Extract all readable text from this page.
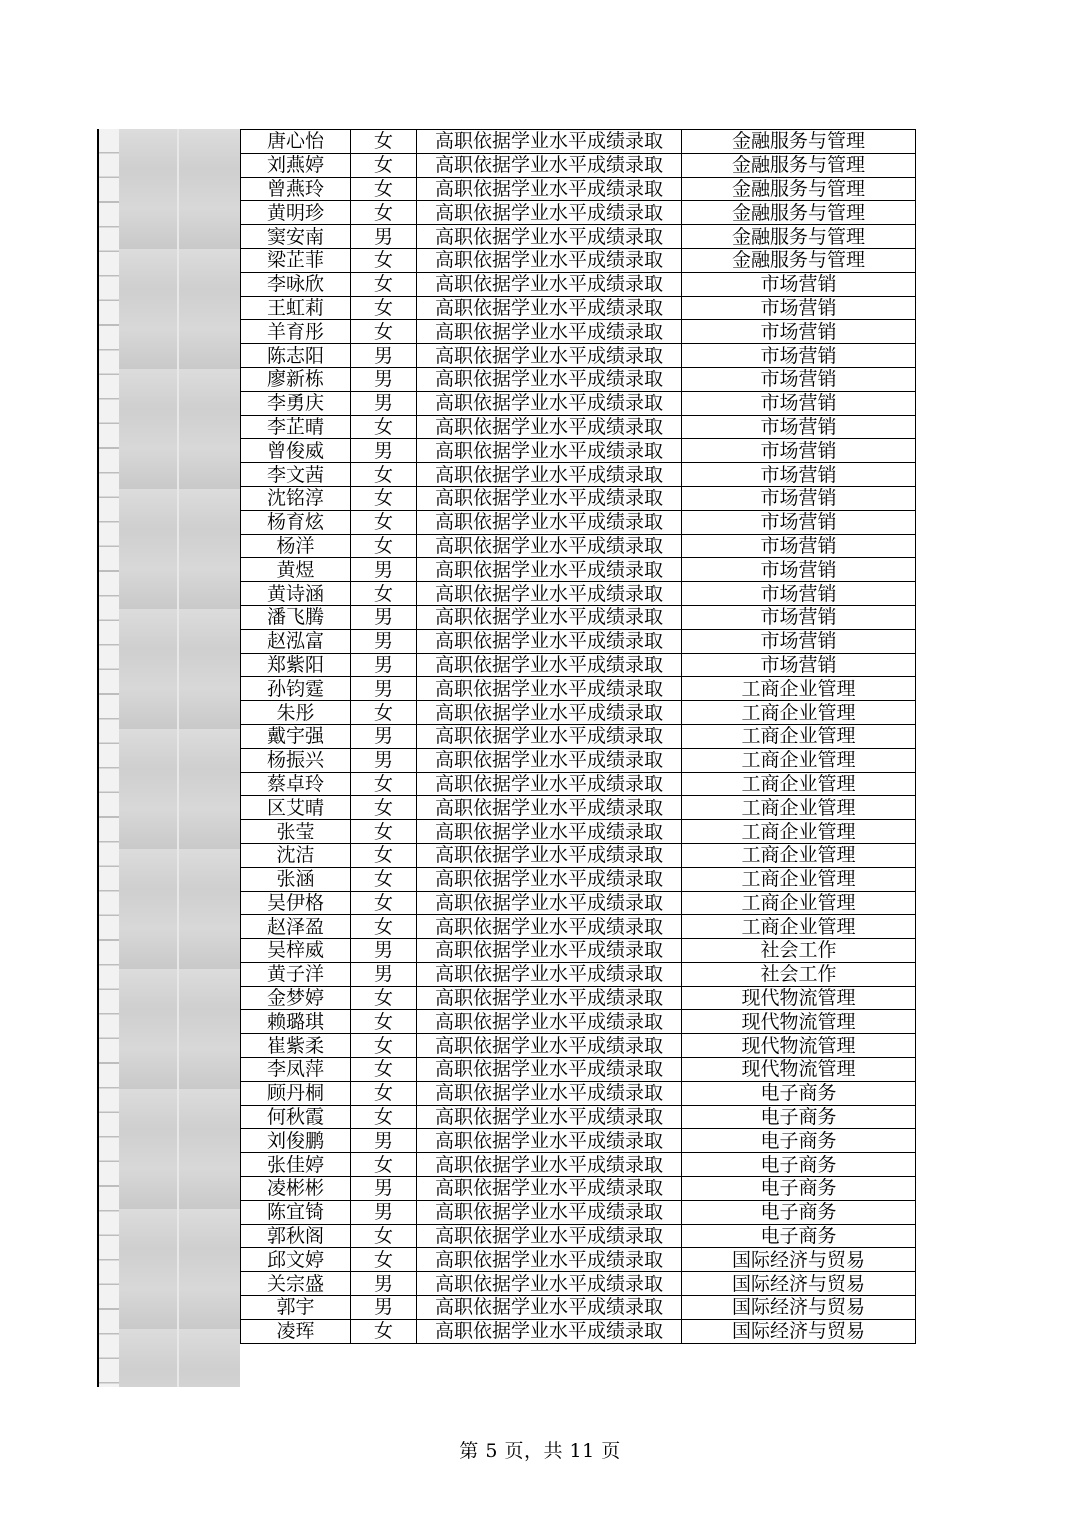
唐心怡	女	高职依据学业水平成绩录取	金融服务与管理
刘燕婷	女	高职依据学业水平成绩录取	金融服务与管理
曾燕玲	女	高职依据学业水平成绩录取	金融服务与管理
黄明珍	女	高职依据学业水平成绩录取	金融服务与管理
窦安南	男	高职依据学业水平成绩录取	金融服务与管理
梁芷菲	女	高职依据学业水平成绩录取	金融服务与管理
李咏欣	女	高职依据学业水平成绩录取	市场营销
王虹莉	女	高职依据学业水平成绩录取	市场营销
羊育彤	女	高职依据学业水平成绩录取	市场营销
陈志阳	男	高职依据学业水平成绩录取	市场营销
廖新栋	男	高职依据学业水平成绩录取	市场营销
李勇庆	男	高职依据学业水平成绩录取	市场营销
李芷晴	女	高职依据学业水平成绩录取	市场营销
曾俊威	男	高职依据学业水平成绩录取	市场营销
李文茜	女	高职依据学业水平成绩录取	市场营销
沈铭淳	女	高职依据学业水平成绩录取	市场营销
杨育炫	女	高职依据学业水平成绩录取	市场营销
杨洋	女	高职依据学业水平成绩录取	市场营销
黄煜	男	高职依据学业水平成绩录取	市场营销
黄诗涵	女	高职依据学业水平成绩录取	市场营销
潘飞腾	男	高职依据学业水平成绩录取	市场营销
赵泓富	男	高职依据学业水平成绩录取	市场营销
郑紫阳	男	高职依据学业水平成绩录取	市场营销
孙钧霆	男	高职依据学业水平成绩录取	工商企业管理
朱彤	女	高职依据学业水平成绩录取	工商企业管理
戴宇强	男	高职依据学业水平成绩录取	工商企业管理
杨振兴	男	高职依据学业水平成绩录取	工商企业管理
蔡卓玲	女	高职依据学业水平成绩录取	工商企业管理
区艾晴	女	高职依据学业水平成绩录取	工商企业管理
张莹	女	高职依据学业水平成绩录取	工商企业管理
沈洁	女	高职依据学业水平成绩录取	工商企业管理
张涵	女	高职依据学业水平成绩录取	工商企业管理
吴伊格	女	高职依据学业水平成绩录取	工商企业管理
赵泽盈	女	高职依据学业水平成绩录取	工商企业管理
吴梓威	男	高职依据学业水平成绩录取	社会工作
黄子洋	男	高职依据学业水平成绩录取	社会工作
金梦婷	女	高职依据学业水平成绩录取	现代物流管理
赖璐琪	女	高职依据学业水平成绩录取	现代物流管理
崔紫柔	女	高职依据学业水平成绩录取	现代物流管理
李凤萍	女	高职依据学业水平成绩录取	现代物流管理
顾丹桐	女	高职依据学业水平成绩录取	电子商务
何秋霞	女	高职依据学业水平成绩录取	电子商务
刘俊鹏	男	高职依据学业水平成绩录取	电子商务
张佳婷	女	高职依据学业水平成绩录取	电子商务
凌彬彬	男	高职依据学业水平成绩录取	电子商务
陈宜锜	男	高职依据学业水平成绩录取	电子商务
郭秋阁	女	高职依据学业水平成绩录取	电子商务
邱文婷	女	高职依据学业水平成绩录取	国际经济与贸易
关宗盛	男	高职依据学业水平成绩录取	国际经济与贸易
郭宇	男	高职依据学业水平成绩录取	国际经济与贸易
凌珲	女	高职依据学业水平成绩录取	国际经济与贸易
第 5 页，共 11 页
